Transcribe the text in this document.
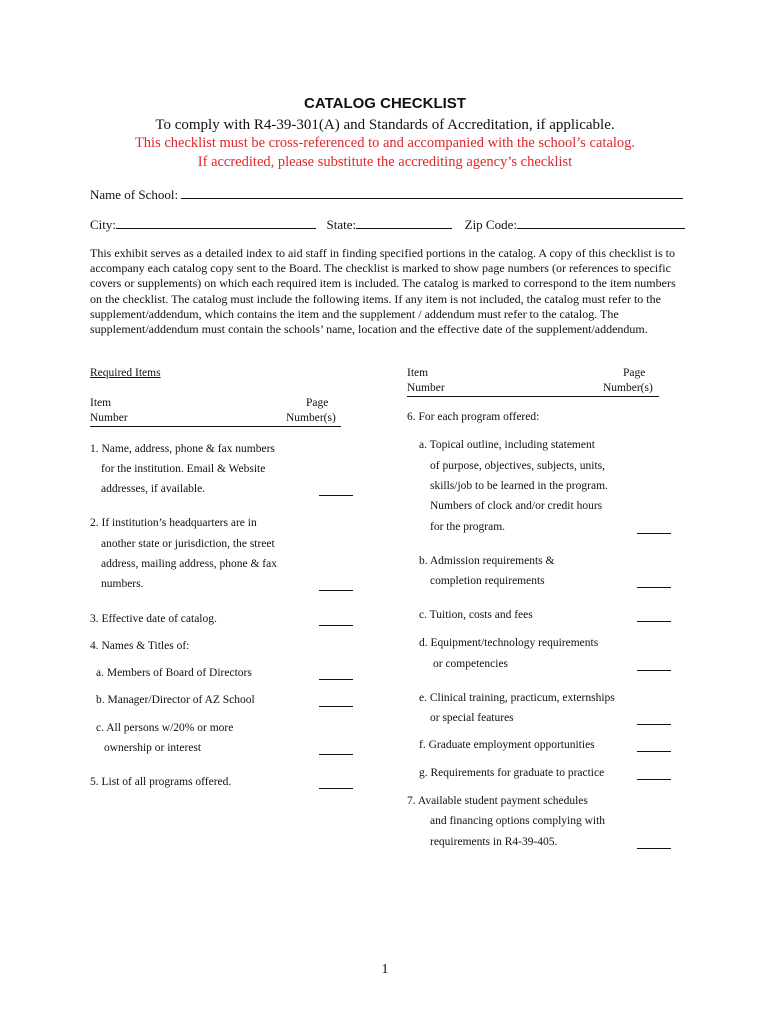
CATALOG CHECKLIST
To comply with R4-39-301(A) and Standards of Accreditation, if applicable.
This checklist must be cross-referenced to and accompanied with the school’s catalog.
If accredited, please substitute the accrediting agency’s checklist
Name of School:
City:	State:	Zip Code:
This exhibit serves as a detailed index to aid staff in finding specified portions in the catalog. A copy of this checklist is to accompany each catalog copy sent to the Board. The checklist is marked to show page numbers (or references to specific covers or supplements) on which each required item is included. The catalog is marked to correspond to the item numbers on the checklist. The catalog must include the following items. If any item is not included, the catalog must refer to the supplement/addendum, which contains the item and the supplement / addendum must refer to the catalog. The supplement/addendum must contain the schools’ name, location and the effective date of the supplement/addendum.
Required Items
Item	Page
Number	Number(s)
1. Name, address, phone & fax numbers
for the institution. Email & Website
addresses, if available.
2. If institution’s headquarters are in
another state or jurisdiction, the street
address, mailing address, phone & fax
numbers.
3. Effective date of catalog.
4. Names & Titles of:
a. Members of Board of Directors
b. Manager/Director of AZ School
c. All persons w/20% or more
ownership or interest
5. List of all programs offered.
Item	Page
Number	Number(s)
6. For each program offered:
a. Topical outline, including statement
of purpose, objectives, subjects, units,
skills/job to be learned in the program.
Numbers of clock and/or credit hours
for the program.
b. Admission requirements &
completion requirements
c. Tuition, costs and fees
d. Equipment/technology requirements
or competencies
e. Clinical training, practicum, externships
or special features
f. Graduate employment opportunities
g. Requirements for graduate to practice
7. Available student payment schedules
and financing options complying with
requirements in R4-39-405.
1
